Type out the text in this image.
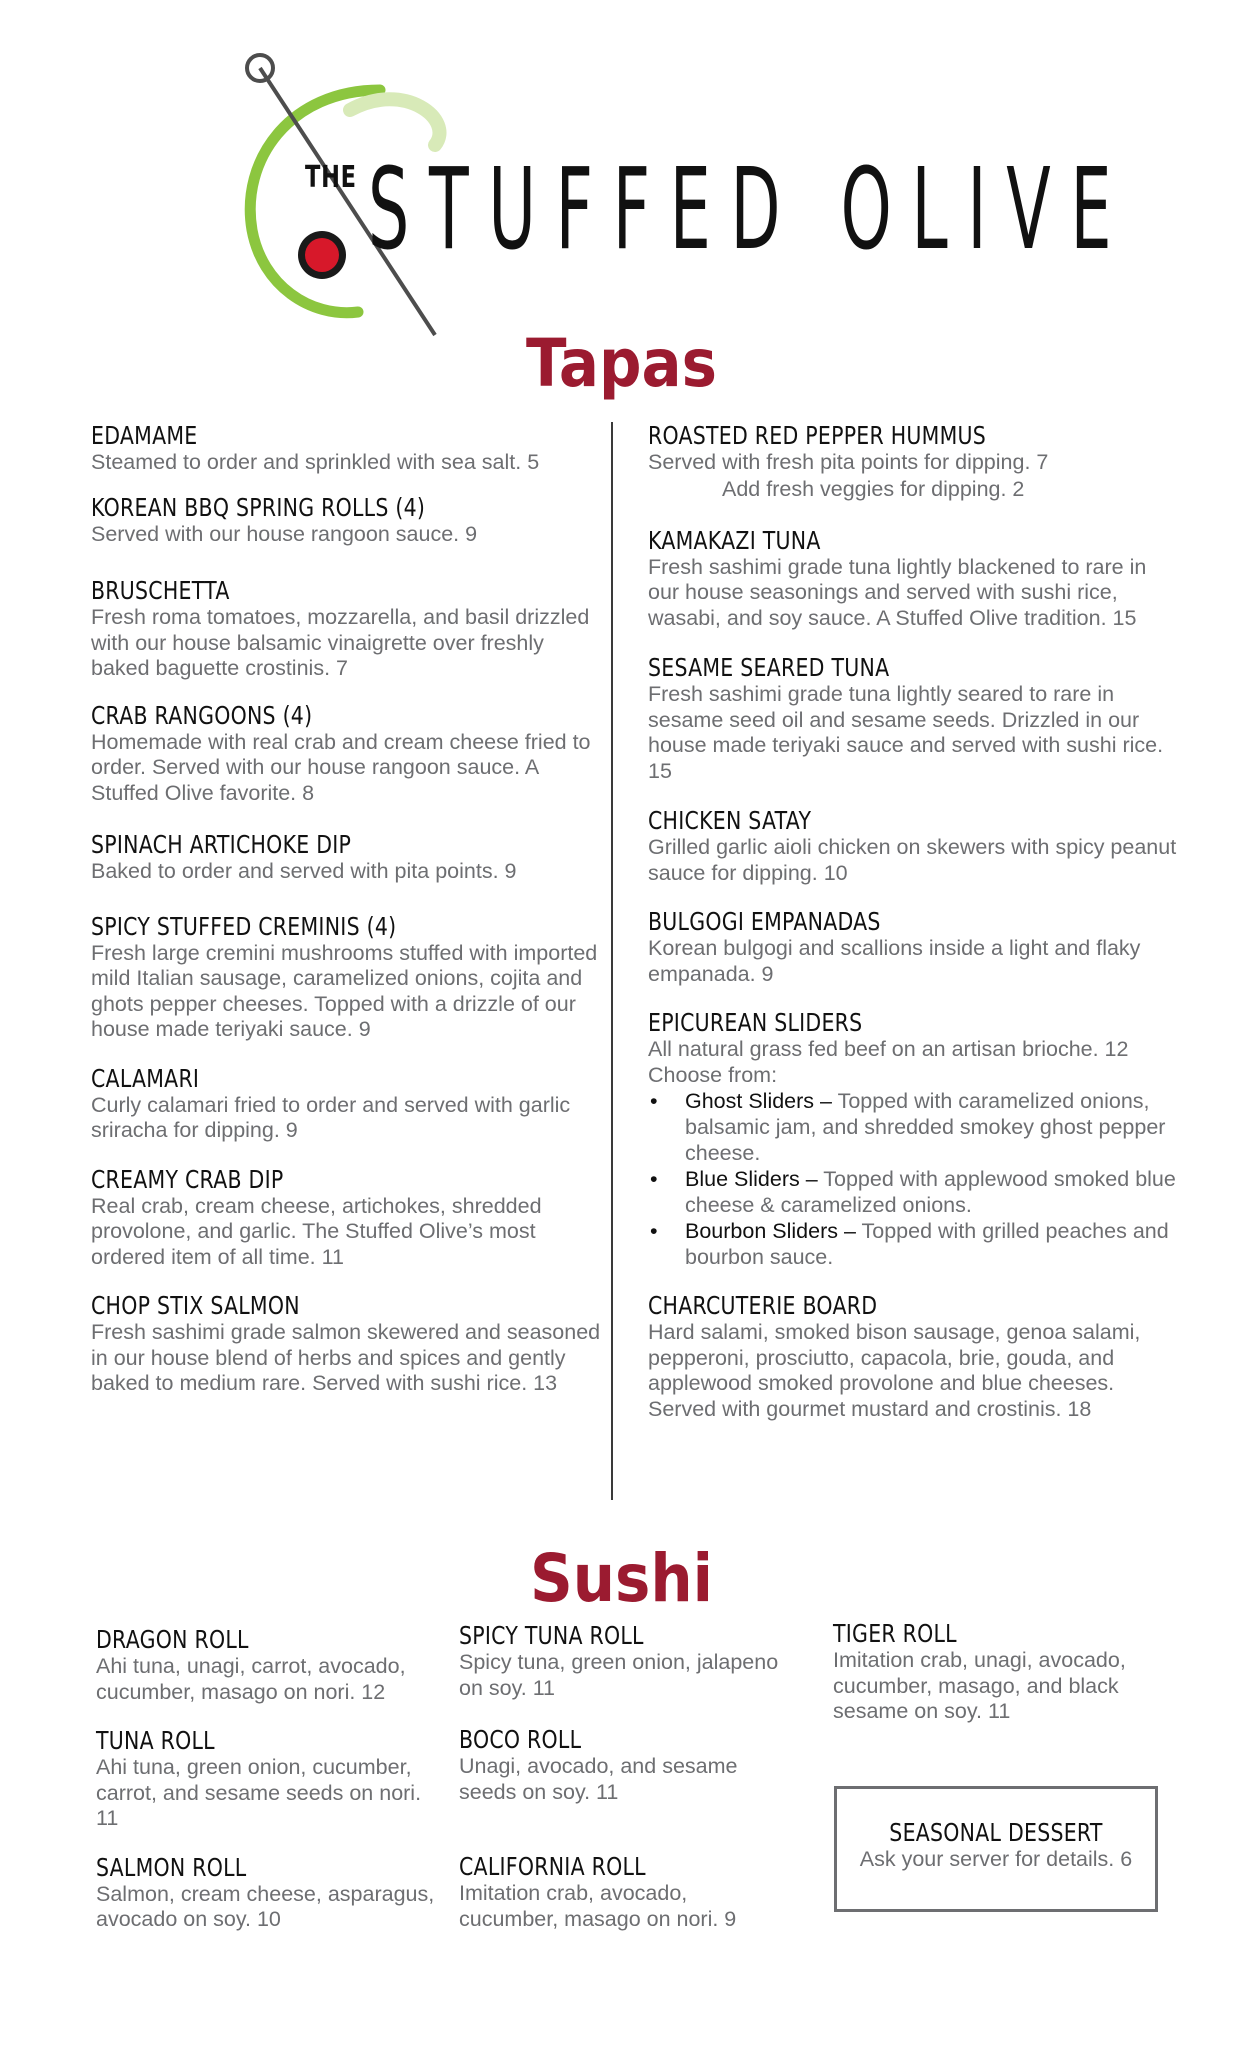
THE STUFFED OLIVE
Tapas
EDAMAME
Steamed to order and sprinkled with sea salt. 5
KOREAN BBQ SPRING ROLLS (4)
Served with our house rangoon sauce. 9
BRUSCHETTA
Fresh roma tomatoes, mozzarella, and basil drizzled with our house balsamic vinaigrette over freshly baked baguette crostinis. 7
CRAB RANGOONS (4)
Homemade with real crab and cream cheese fried to order. Served with our house rangoon sauce. A Stuffed Olive favorite. 8
SPINACH ARTICHOKE DIP
Baked to order and served with pita points. 9
SPICY STUFFED CREMINIS (4)
Fresh large cremini mushrooms stuffed with imported mild Italian sausage, caramelized onions, cojita and ghots pepper cheeses. Topped with a drizzle of our house made teriyaki sauce. 9
CALAMARI
Curly calamari fried to order and served with garlic sriracha for dipping. 9
CREAMY CRAB DIP
Real crab, cream cheese, artichokes, shredded provolone, and garlic. The Stuffed Olive’s most ordered item of all time. 11
CHOP STIX SALMON
Fresh sashimi grade salmon skewered and seasoned in our house blend of herbs and spices and gently baked to medium rare. Served with sushi rice. 13
ROASTED RED PEPPER HUMMUS
Served with fresh pita points for dipping. 7
Add fresh veggies for dipping. 2
KAMAKAZI TUNA
Fresh sashimi grade tuna lightly blackened to rare in our house seasonings and served with sushi rice, wasabi, and soy sauce. A Stuffed Olive tradition. 15
SESAME SEARED TUNA
Fresh sashimi grade tuna lightly seared to rare in sesame seed oil and sesame seeds. Drizzled in our house made teriyaki sauce and served with sushi rice. 15
CHICKEN SATAY
Grilled garlic aioli chicken on skewers with spicy peanut sauce for dipping. 10
BULGOGI EMPANADAS
Korean bulgogi and scallions inside a light and flaky empanada. 9
EPICUREAN SLIDERS
All natural grass fed beef on an artisan brioche. 12
Choose from:
• Ghost Sliders – Topped with caramelized onions, balsamic jam, and shredded smokey ghost pepper cheese.
• Blue Sliders – Topped with applewood smoked blue cheese & caramelized onions.
• Bourbon Sliders – Topped with grilled peaches and bourbon sauce.
CHARCUTERIE BOARD
Hard salami, smoked bison sausage, genoa salami, pepperoni, prosciutto, capacola, brie, gouda, and applewood smoked provolone and blue cheeses. Served with gourmet mustard and crostinis. 18
Sushi
DRAGON ROLL
Ahi tuna, unagi, carrot, avocado, cucumber, masago on nori. 12
TUNA ROLL
Ahi tuna, green onion, cucumber, carrot, and sesame seeds on nori. 11
SALMON ROLL
Salmon, cream cheese, asparagus, avocado on soy. 10
SPICY TUNA ROLL
Spicy tuna, green onion, jalapeno on soy. 11
BOCO ROLL
Unagi, avocado, and sesame seeds on soy. 11
CALIFORNIA ROLL
Imitation crab, avocado, cucumber, masago on nori. 9
TIGER ROLL
Imitation crab, unagi, avocado, cucumber, masago, and black sesame on soy. 11
SEASONAL DESSERT
Ask your server for details. 6
